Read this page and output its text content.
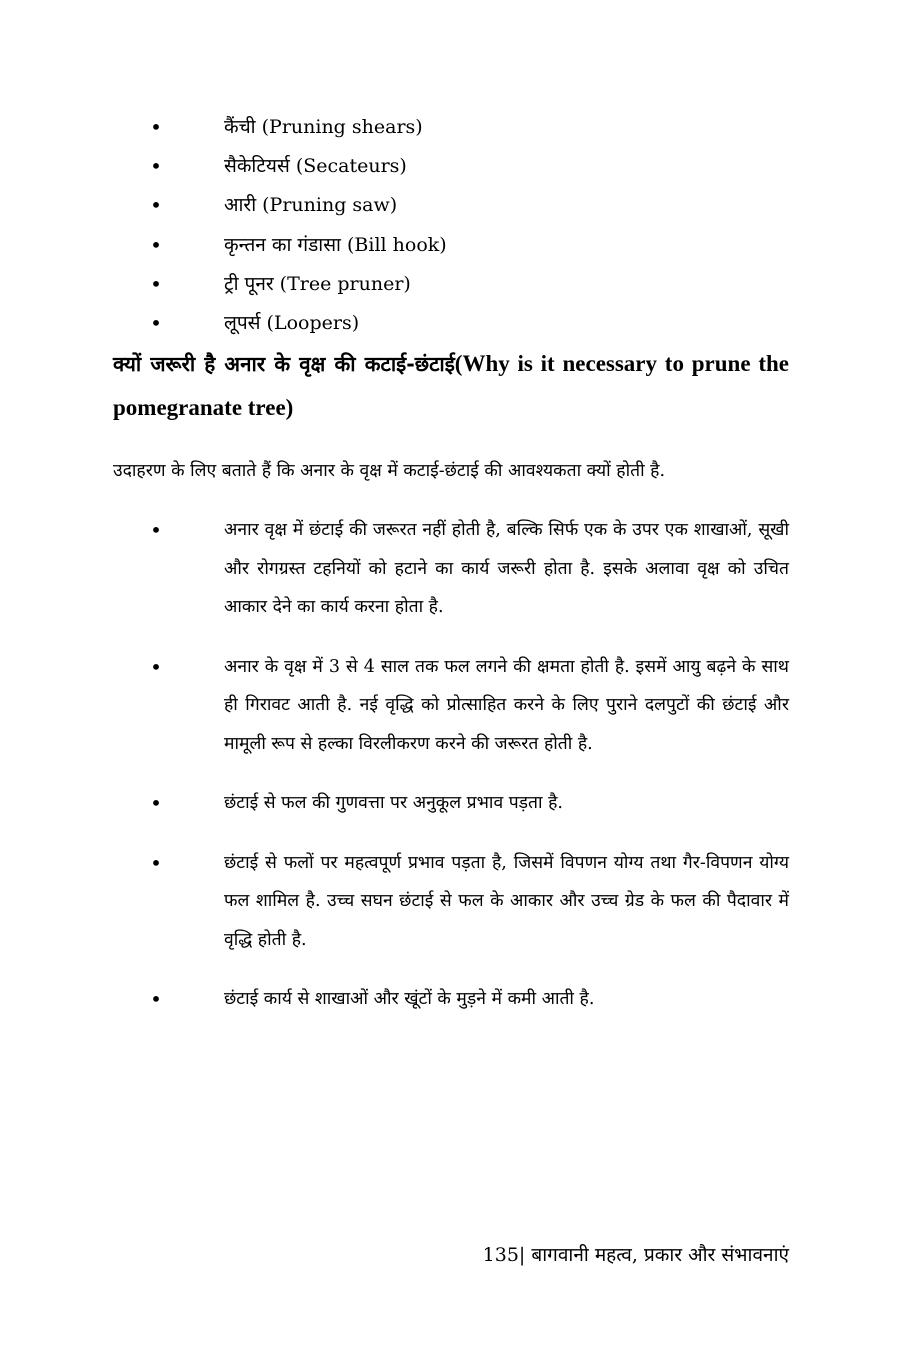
•	कैंची (Pruning shears)
•	सैकेटियर्स (Secateurs)
•	आरी (Pruning saw)
•	कृन्तन का गंडासा (Bill hook)
•	ट्री पूनर (Tree pruner)
•	लूपर्स (Loopers)
क्यों जरूरी है अनार के वृक्ष की कटाई-छंटाई(Why is it necessary to prune the pomegranate tree)

उदाहरण के लिए बताते हैं कि अनार के वृक्ष में कटाई-छंटाई की आवश्यकता क्यों होती है.

•	अनार वृक्ष में छंटाई की जरूरत नहीं होती है, बल्कि सिर्फ एक के उपर एक शाखाओं, सूखी और रोगग्रस्त टहनियों को हटाने का कार्य जरूरी होता है. इसके अलावा वृक्ष को उचित आकार देने का कार्य करना होता है.
•	अनार के वृक्ष में 3 से 4 साल तक फल लगने की क्षमता होती है. इसमें आयु बढ़ने के साथ ही गिरावट आती है. नई वृद्धि को प्रोत्साहित करने के लिए पुराने दलपुटों की छंटाई और मामूली रूप से हल्का विरलीकरण करने की जरूरत होती है.
•	छंटाई से फल की गुणवत्ता पर अनुकूल प्रभाव पड़ता है.
•	छंटाई से फलों पर महत्वपूर्ण प्रभाव पड़ता है, जिसमें विपणन योग्य तथा गैर-विपणन योग्य फल शामिल है. उच्च सघन छंटाई से फल के आकार और उच्च ग्रेड के फल की पैदावार में वृद्धि होती है.
•	छंटाई कार्य से शाखाओं और खूंटों के मुड़ने में कमी आती है.
135| बागवानी महत्व, प्रकार और संभावनाएं
